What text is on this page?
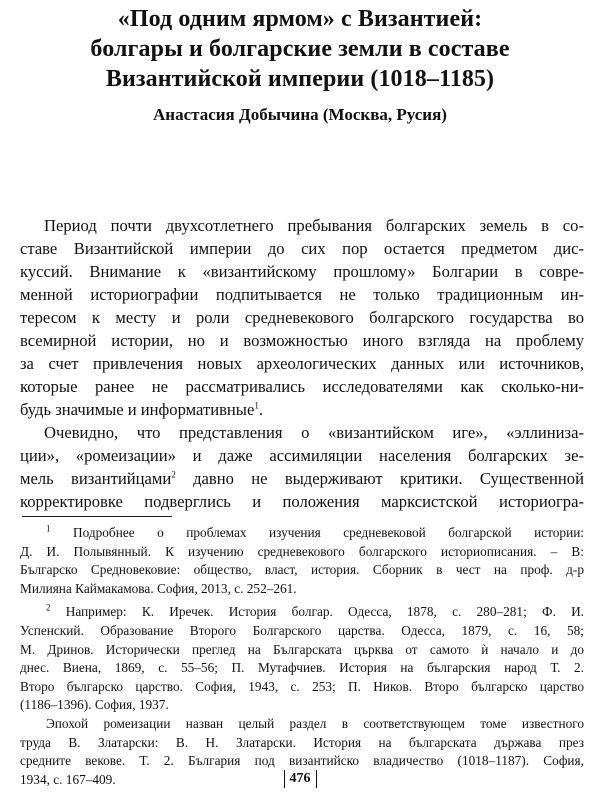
«Под одним ярмом» с Византией:
болгары и болгарские земли в составе
Византийской империи (1018–1185)
Анастасия Добычина (Москва, Русия)
Период почти двухсотлетнего пребывания болгарских земель в со-
ставе Византийской империи до сих пор остается предметом дис-
куссий. Внимание к «византийскому прошлому» Болгарии в совре-
менной историографии подпитывается не только традиционным ин-
тересом к месту и роли средневекового болгарского государства во
всемирной истории, но и возможностью иного взгляда на проблему
за счет привлечения новых археологических данных или источников,
которые ранее не рассматривались исследователями как сколько-ни-
будь значимые и информативные$^1$.
Очевидно, что представления о «византийском иге», «эллиниза-
ции», «ромеизации» и даже ассимиляции населения болгарских зе-
мель византийцами$^2$ давно не выдерживают критики. Существенной
корректировке подверглись и положения марксистской историогра-
$^1$ Подробнее о проблемах изучения средневековой болгарской истории:
Д. И. Полывянный. К изучению средневекового болгарского историописания. – В:
Българско Средновековие: общество, власт, история. Сборник в чест на проф. д-р
Милияна Каймакамова. София, 2013, с. 252–261.
$^2$ Например: К. Иречек. История болгар. Одесса, 1878, с. 280–281; Ф. И.
Успенский. Образование Второго Болгарского царства. Одесса, 1879, с. 16, 58;
М. Дринов. Исторически преглед на Българската църква от самото ѝ начало и до
днес. Виена, 1869, с. 55–56; П. Мутафчиев. История на българския народ Т. 2.
Второ българско царство. София, 1943, с. 253; П. Ников. Второ българско царство
(1186–1396). София, 1937.
Эпохой ромеизации назван целый раздел в соответствующем томе известного
труда В. Златарски: В. Н. Златарски. История на българската държава през
средните векове. Т. 2. България под византийско владичество (1018–1187). София,
1934, с. 167–409.	476
